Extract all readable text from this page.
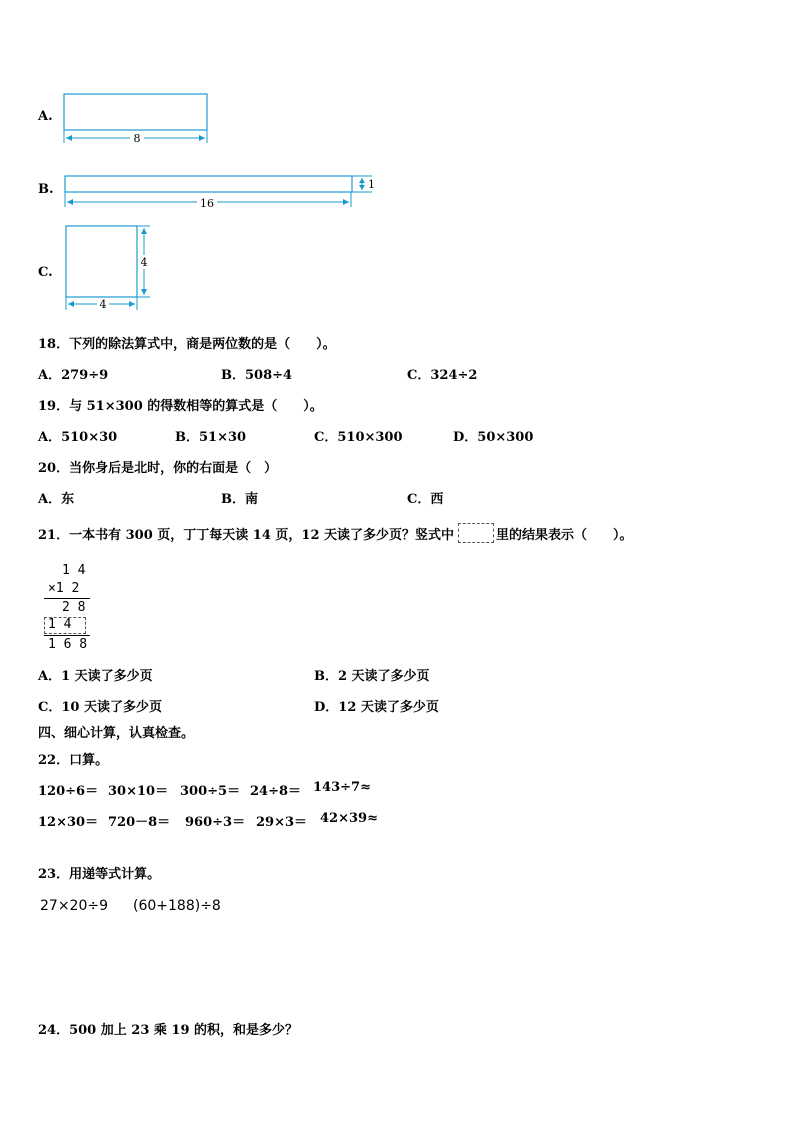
A.
B.
C.
8
16
1
4
4
18．下列的除法算式中，商是两位数的是（　　）。
A．279÷9	B．508÷4	C．324÷2
19．与 51×300 的得数相等的算式是（　　）。
A．510×30	B．51×30	C．510×300	D．50×300
20．当你身后是北时，你的右面是（　）
A．东	B．南	C．西
21．一本书有 300 页，丁丁每天读 14 页，12 天读了多少页？竖式中	里的结果表示（　　）。
1 4
×1 2
2 8
1 4
1 6 8
A．1 天读了多少页	B．2 天读了多少页
C．10 天读了多少页	D．12 天读了多少页
四、细心计算，认真检查。
22．口算。
120÷6＝ 30×10＝ 300÷5＝ 24÷8＝ 143÷7≈
12×30＝ 720－8＝ 960÷3＝ 29×3＝ 42×39≈
23．用递等式计算。
27×20÷9 (60+188)÷8
24．500 加上 23 乘 19 的积，和是多少？
